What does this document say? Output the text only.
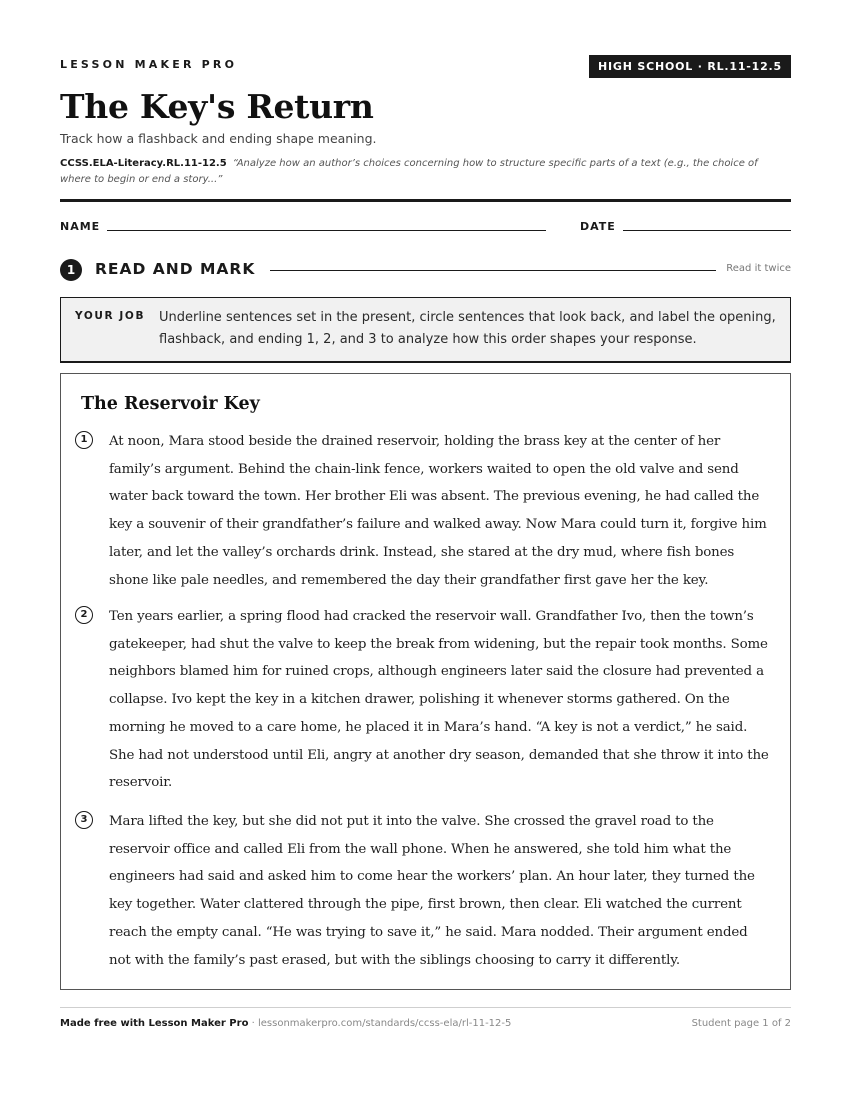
LESSON MAKER PRO	HIGH SCHOOL · RL.11-12.5
The Key's Return
Track how a flashback and ending shape meaning.
CCSS.ELA-Literacy.RL.11-12.5 “Analyze how an author’s choices concerning how to structure specific parts of a text (e.g., the choice of where to begin or end a story...”
NAME	DATE
1	READ AND MARK	Read it twice
YOUR JOB Underline sentences set in the present, circle sentences that look back, and label the opening, flashback, and ending 1, 2, and 3 to analyze how this order shapes your response.
The Reservoir Key
1	At noon, Mara stood beside the drained reservoir, holding the brass key at the center of her family’s argument. Behind the chain-link fence, workers waited to open the old valve and send water back toward the town. Her brother Eli was absent. The previous evening, he had called the key a souvenir of their grandfather’s failure and walked away. Now Mara could turn it, forgive him later, and let the valley’s orchards drink. Instead, she stared at the dry mud, where fish bones shone like pale needles, and remembered the day their grandfather first gave her the key.

2	Ten years earlier, a spring flood had cracked the reservoir wall. Grandfather Ivo, then the town’s gatekeeper, had shut the valve to keep the break from widening, but the repair took months. Some neighbors blamed him for ruined crops, although engineers later said the closure had prevented a collapse. Ivo kept the key in a kitchen drawer, polishing it whenever storms gathered. On the morning he moved to a care home, he placed it in Mara’s hand. “A key is not a verdict,” he said. She had not understood until Eli, angry at another dry season, demanded that she throw it into the reservoir.

3	Mara lifted the key, but she did not put it into the valve. She crossed the gravel road to the reservoir office and called Eli from the wall phone. When he answered, she told him what the engineers had said and asked him to come hear the workers’ plan. An hour later, they turned the key together. Water clattered through the pipe, first brown, then clear. Eli watched the current reach the empty canal. “He was trying to save it,” he said. Mara nodded. Their argument ended not with the family’s past erased, but with the siblings choosing to carry it differently.

Made free with Lesson Maker Pro · lessonmakerpro.com/standards/ccss-ela/rl-11-12-5	Student page 1 of 2
